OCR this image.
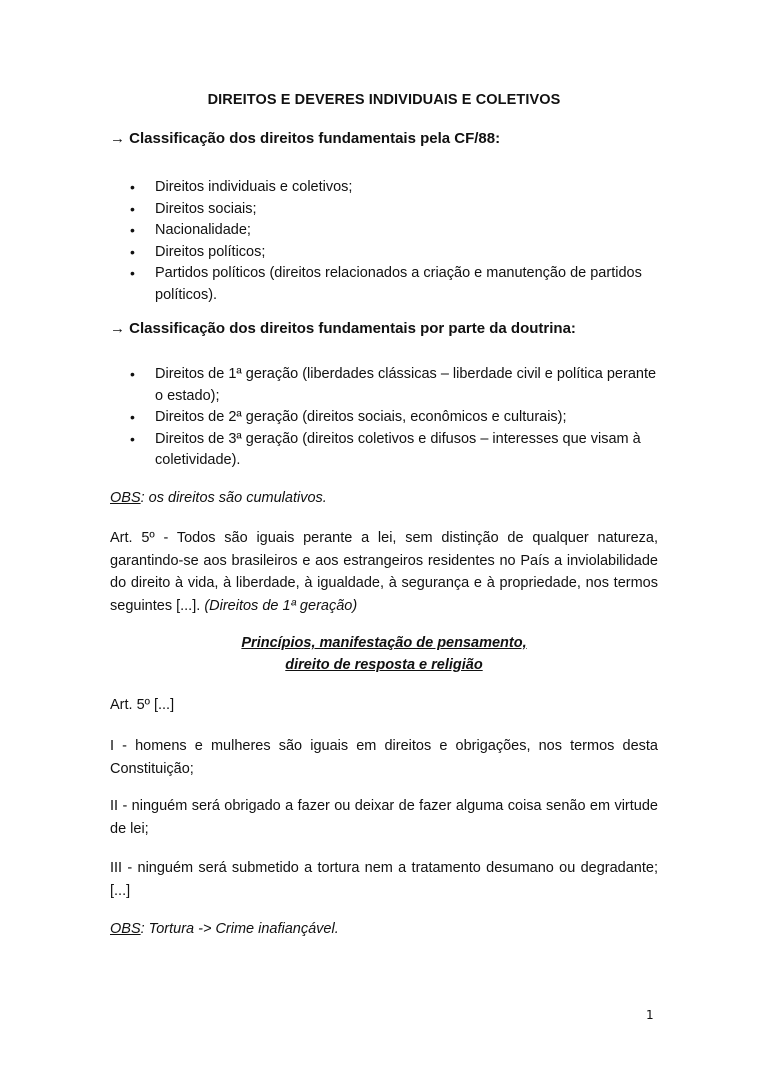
DIREITOS E DEVERES INDIVIDUAIS E COLETIVOS
→ Classificação dos direitos fundamentais pela CF/88:
• Direitos individuais e coletivos;
• Direitos sociais;
• Nacionalidade;
• Direitos políticos;
• Partidos políticos (direitos relacionados a criação e manutenção de partidos políticos).
→ Classificação dos direitos fundamentais por parte da doutrina:
• Direitos de 1ª geração (liberdades clássicas – liberdade civil e política perante o estado);
• Direitos de 2ª geração (direitos sociais, econômicos e culturais);
• Direitos de 3ª geração (direitos coletivos e difusos – interesses que visam à coletividade).

OBS: os direitos são cumulativos.

Art. 5º - Todos são iguais perante a lei, sem distinção de qualquer natureza, garantindo-se aos brasileiros e aos estrangeiros residentes no País a inviolabilidade do direito à vida, à liberdade, à igualdade, à segurança e à propriedade, nos termos seguintes [...]. (Direitos de 1ª geração)

Princípios, manifestação de pensamento,
direito de resposta e religião

Art. 5º [...]

I - homens e mulheres são iguais em direitos e obrigações, nos termos desta Constituição;

II - ninguém será obrigado a fazer ou deixar de fazer alguma coisa senão em virtude de lei;

III - ninguém será submetido a tortura nem a tratamento desumano ou degradante; [...]

OBS: Tortura -> Crime inafiançável.

1
